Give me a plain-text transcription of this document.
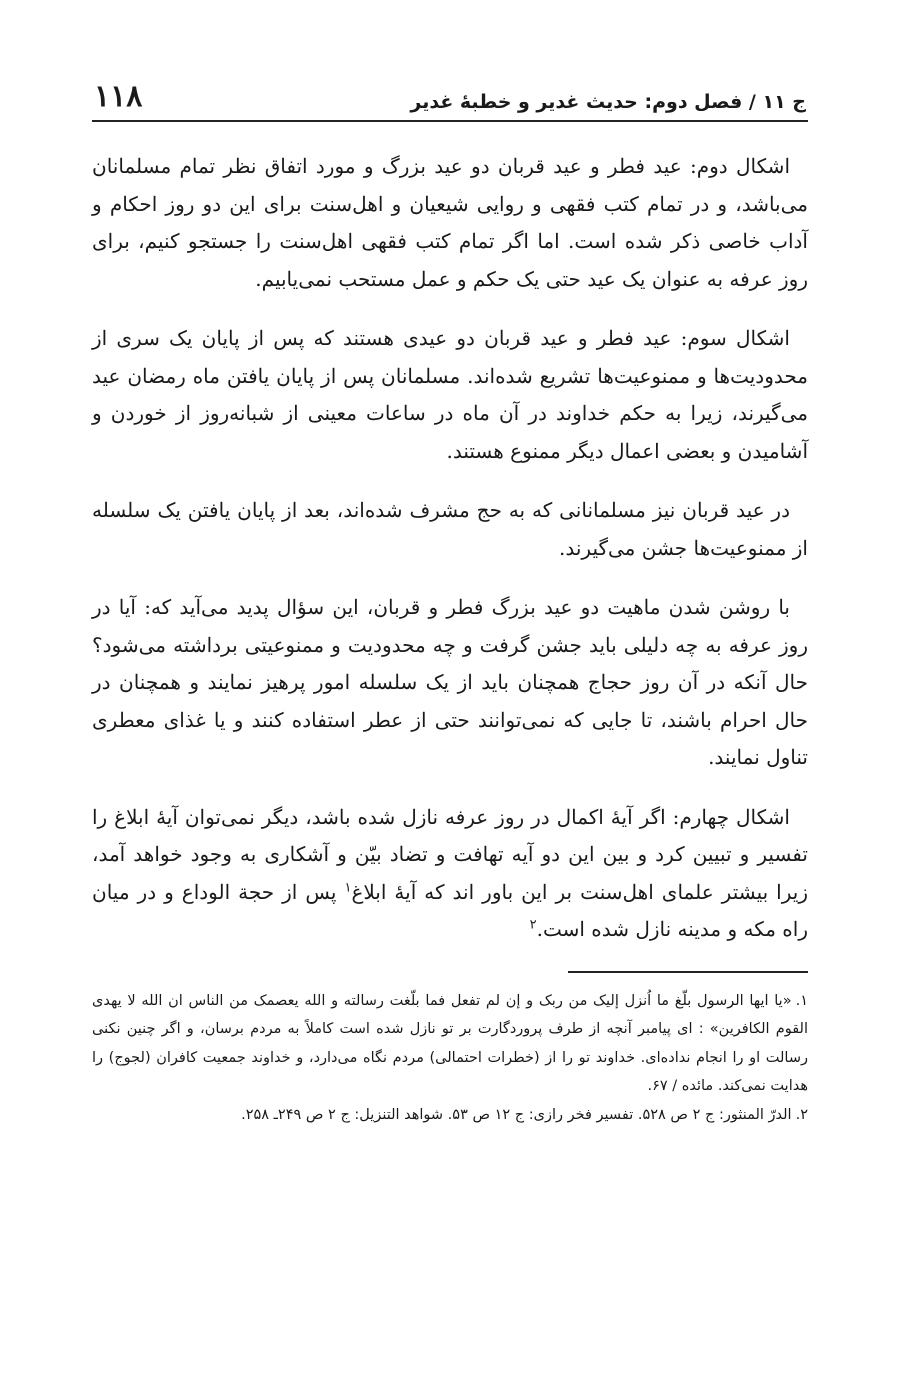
ج ۱۱ / فصل دوم: حدیث غدیر و خطبهٔ غدیر
۱۱۸

اشکال دوم: عید فطر و عید قربان دو عید بزرگ و مورد اتفاق نظر تمام مسلمانان می‌باشد، و در تمام کتب فقهی و روایی شیعیان و اهل‌سنت برای این دو روز احکام و آداب خاصی ذکر شده است. اما اگر تمام کتب فقهی اهل‌سنت را جستجو کنیم، برای روز عرفه به عنوان یک عید حتی یک حکم و عمل مستحب نمی‌یابیم.

اشکال سوم: عید فطر و عید قربان دو عیدی هستند که پس از پایان یک سری از محدودیت‌ها و ممنوعیت‌ها تشریع شده‌اند. مسلمانان پس از پایان یافتن ماه رمضان عید می‌گیرند، زیرا به حکم خداوند در آن ماه در ساعات معینی از شبانه‌روز از خوردن و آشامیدن و بعضی اعمال دیگر ممنوع هستند.

در عید قربان نیز مسلمانانی که به حج مشرف شده‌اند، بعد از پایان یافتن یک سلسله از ممنوعیت‌ها جشن می‌گیرند.

با روشن شدن ماهیت دو عید بزرگ فطر و قربان، این سؤال پدید می‌آید که: آیا در روز عرفه به چه دلیلی باید جشن گرفت و چه محدودیت و ممنوعیتی برداشته می‌شود؟ حال آنکه در آن روز حجاج همچنان باید از یک سلسله امور پرهیز نمایند و همچنان در حال احرام باشند، تا جایی که نمی‌توانند حتی از عطر استفاده کنند و یا غذای معطری تناول نمایند.

اشکال چهارم: اگر آیهٔ اکمال در روز عرفه نازل شده باشد، دیگر نمی‌توان آیهٔ ابلاغ را تفسیر و تبیین کرد و بین این دو آیه تهافت و تضاد بیّن و آشکاری به وجود خواهد آمد، زیرا بیشتر علمای اهل‌سنت بر این باور اند که آیهٔ ابلاغ$^۱$ پس از حجة الوداع و در میان راه مکه و مدینه نازل شده است.$^۲$

۱.«یا ایها الرسول بلّغ ما اُنزل إلیک من ربک و إن لم تفعل فما بلّغت رسالته و الله یعصمک من الناس ان الله لا یهدی القوم الکافرین» : ای پیامبر آنچه از طرف پروردگارت بر تو نازل شده است کاملاً به مردم برسان، و اگر چنین نکنی رسالت او را انجام نداده‌ای. خداوند تو را از (خطرات احتمالی) مردم نگاه می‌دارد، و خداوند جمعیت کافران (لجوج) را هدایت نمی‌کند. مائده / ۶۷.

۲.الدرّ المنثور: ج ۲ ص ۵۲۸. تفسیر فخر رازی: ج ۱۲ ص ۵۳. شواهد التنزیل: ج ۲ ص ۲۴۹ـ ۲۵۸.
